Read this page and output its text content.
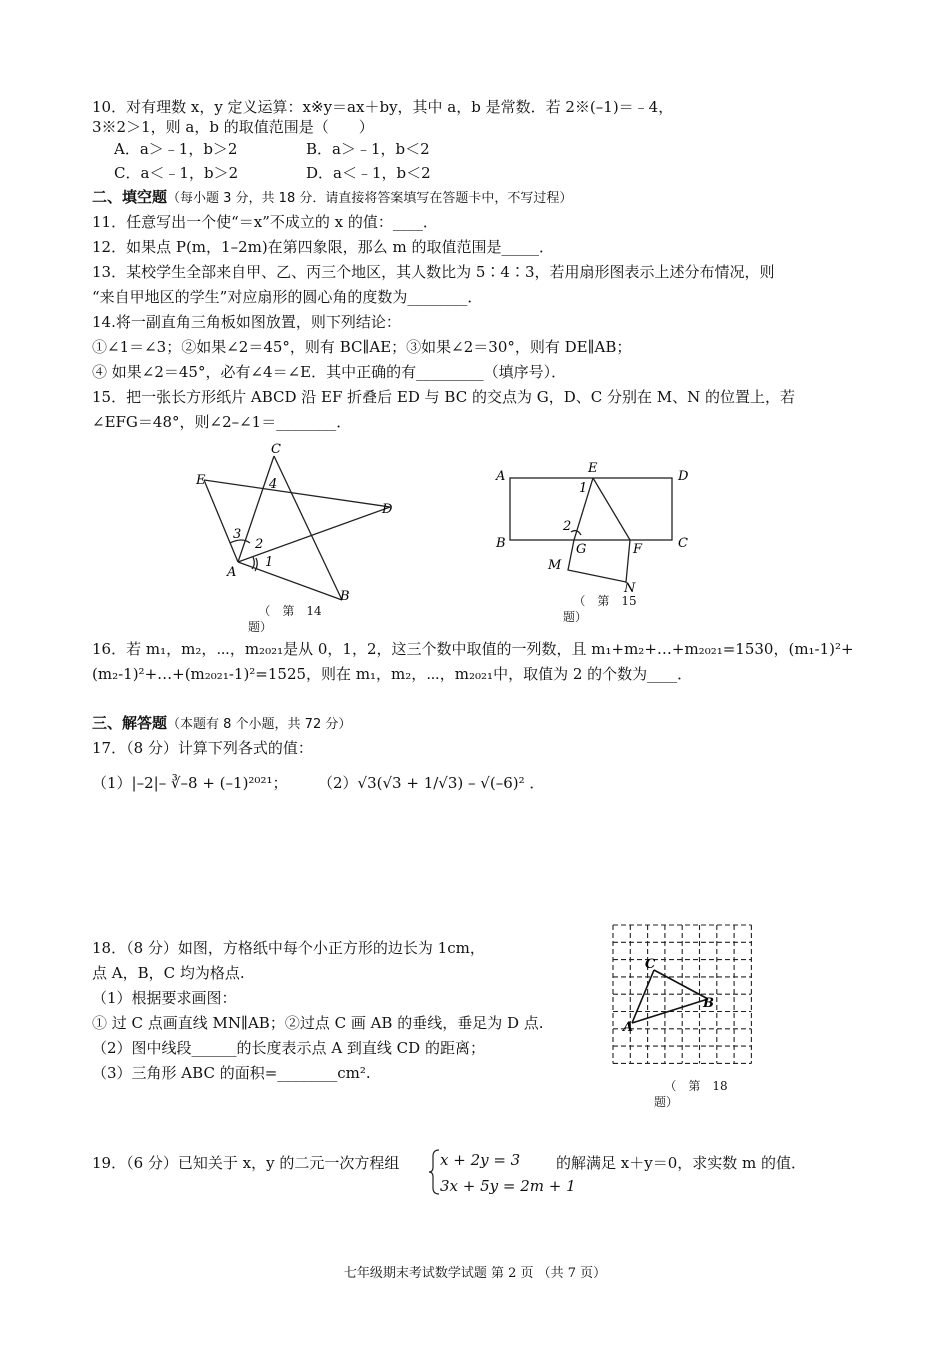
10．对有理数 x，y 定义运算：x※y＝ax＋by，其中 a，b 是常数．若 2※(–1)＝﹣4，
3※2＞1，则 a，b 的取值范围是（　　）
A．a＞﹣1，b＞2	B．a＞﹣1，b＜2
C．a＜﹣1，b＞2	D．a＜﹣1，b＜2
二、填空题（每小题 3 分，共 18 分．请直接将答案填写在答题卡中，不写过程）
11．任意写出一个使“＝x”不成立的 x 的值：____．
12．如果点 P(m，1–2m)在第四象限，那么 m 的取值范围是_____．
13．某校学生全部来自甲、乙、丙三个地区，其人数比为 5∶4∶3，若用扇形图表示上述分布情况，则
“来自甲地区的学生”对应扇形的圆心角的度数为________．
14.将一副直角三角板如图放置，则下列结论：
①∠1＝∠3；②如果∠2＝45°，则有 BC∥AE；③如果∠2＝30°，则有 DE∥AB；
④ 如果∠2＝45°，必有∠4＝∠E．其中正确的有_________（填序号）．
15．把一张长方形纸片 ABCD 沿 EF 折叠后 ED 与 BC 的交点为 G，D、C 分别在 M、N 的位置上，若
∠EFG＝48°，则∠2–∠1＝________．
C
E
D
A
B
1
2
3
4
（　第　14
题）
A
E
D
B	C
G	F
M
N
1
2
（　第　15
题）
16．若 m₁，m₂，⋯，m₂₀₂₁是从 0，1，2，这三个数中取值的一列数，且 m₁+m₂+…+m₂₀₂₁=1530，(m₁-1)²+
(m₂-1)²+…+(m₂₀₂₁-1)²=1525，则在 m₁，m₂，⋯，m₂₀₂₁中，取值为 2 的个数为____．
三、解答题（本题有 8 个小题，共 72 分）
17．（8 分）计算下列各式的值：
（1）|–2|– ∛–8 + (–1)²⁰²¹； （2）√3(√3 + 1/√3) – √(–6)² ．
18．（8 分）如图，方格纸中每个小正方形的边长为 1cm，
点 A，B，C 均为格点.
（1）根据要求画图：
① 过 C 点画直线 MN∥AB；②过点 C 画 AB 的垂线，垂足为 D 点.
（2）图中线段______的长度表示点 A 到直线 CD 的距离；
（3）三角形 ABC 的面积=________cm².
C
B
A
（　第　18
题）
19．（6 分）已知关于 x，y 的二元一次方程组	x + 2y = 3
3x + 5y = 2m + 1
的解满足 x＋y＝0，求实数 m 的值．
七年级期末考试数学试题 第 2 页 （共 7 页）
